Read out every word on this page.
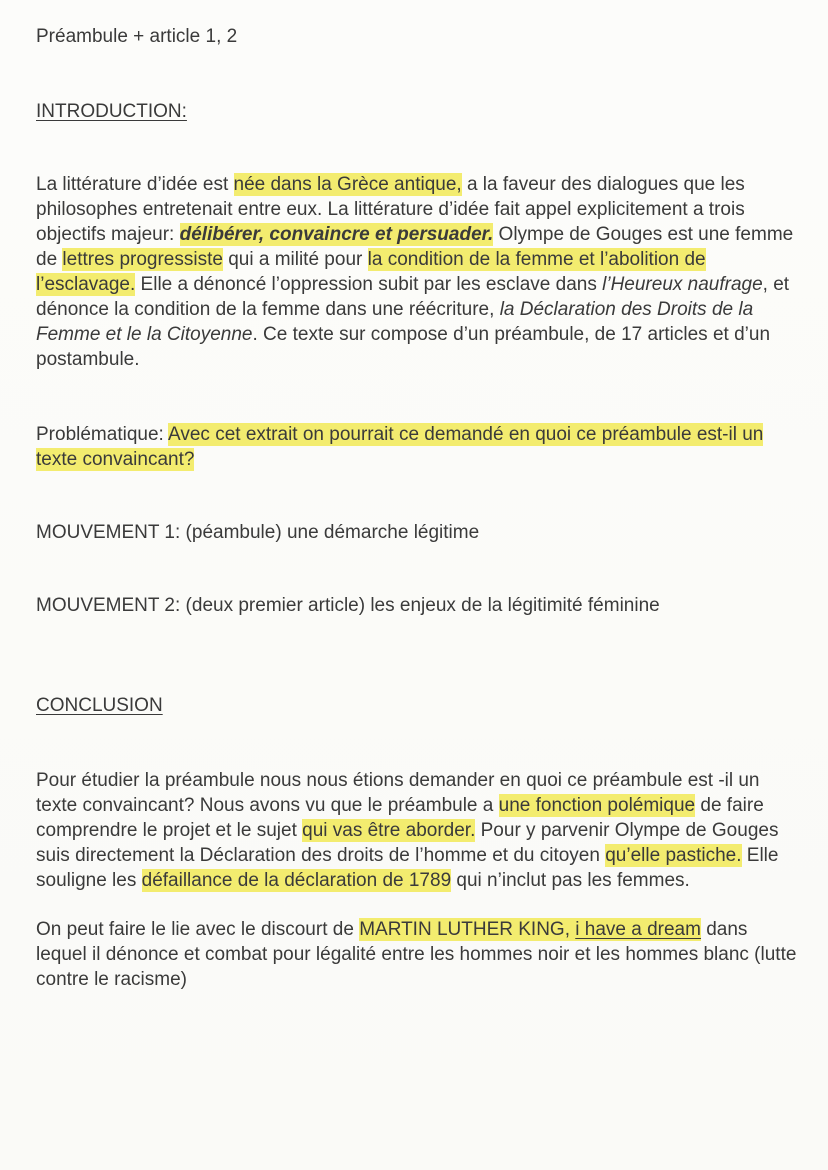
Préambule + article 1, 2

INTRODUCTION:

La littérature d’idée est née dans la Grèce antique, a la faveur des dialogues que les philosophes entretenait entre eux. La littérature d’idée fait appel explicitement a trois objectifs majeur: délibérer, convaincre et persuader. Olympe de Gouges est une femme de lettres progressiste qui a milité pour la condition de la femme et l’abolition de l’esclavage. Elle a dénoncé l’oppression subit par les esclave dans l’Heureux naufrage, et dénonce la condition de la femme dans une réécriture, la Déclaration des Droits de la Femme et le la Citoyenne. Ce texte sur compose d’un préambule, de 17 articles et d’un postambule.

Problématique: Avec cet extrait on pourrait ce demandé en quoi ce préambule est-il un texte convaincant?

MOUVEMENT 1: (péambule) une démarche légitime

MOUVEMENT 2: (deux premier article) les enjeux de la légitimité féminine

CONCLUSION

Pour étudier la préambule nous nous étions demander en quoi ce préambule est -il un texte convaincant? Nous avons vu que le préambule a une fonction polémique de faire comprendre le projet et le sujet qui vas être aborder. Pour y parvenir Olympe de Gouges suis directement la Déclaration des droits de l’homme et du citoyen qu’elle pastiche. Elle souligne les défaillance de la déclaration de 1789 qui n’inclut pas les femmes.

On peut faire le lie avec le discourt de MARTIN LUTHER KING, i have a dream dans lequel il dénonce et combat pour légalité entre les hommes noir et les hommes blanc (lutte contre le racisme)
